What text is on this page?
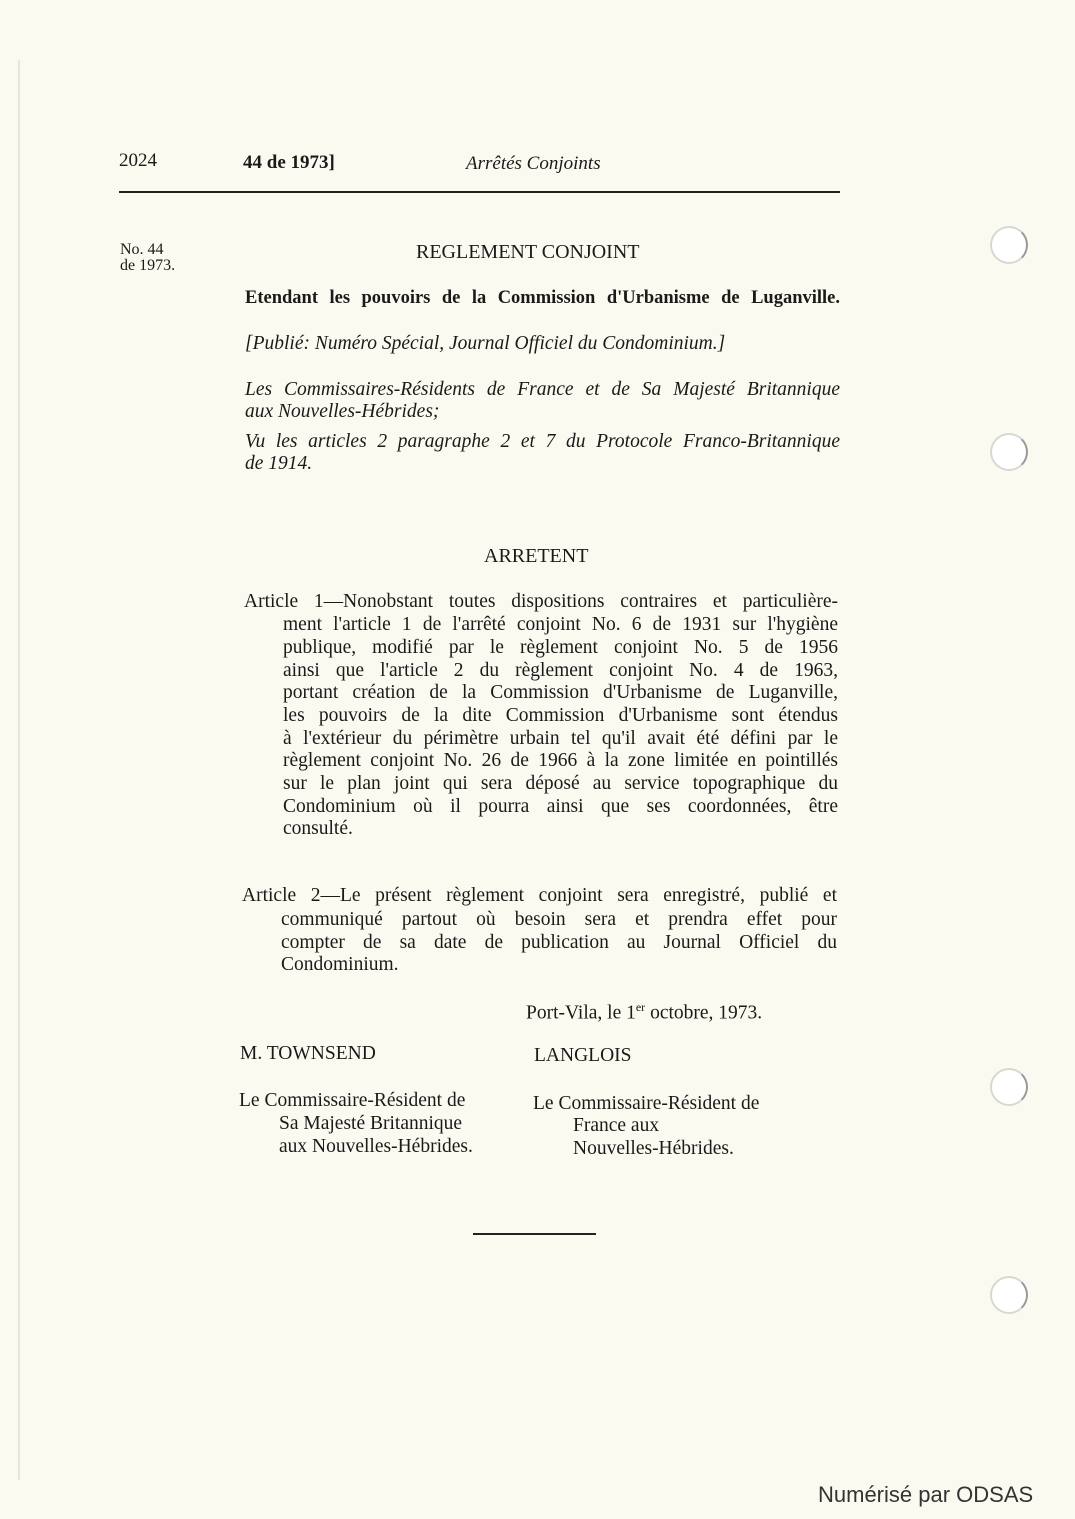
2024	44 de 1973]	Arrêtés Conjoints
No. 44
de 1973.
REGLEMENT CONJOINT
Etendant les pouvoirs de la Commission d'Urbanisme de Luganville.
[Publié: Numéro Spécial, Journal Officiel du Condominium.]
Les Commissaires-Résidents de France et de Sa Majesté Britannique
aux Nouvelles-Hébrides;
Vu les articles 2 paragraphe 2 et 7 du Protocole Franco-Britannique
de 1914.
ARRETENT
Article 1—Nonobstant toutes dispositions contraires et particulière-
ment l'article 1 de l'arrêté conjoint No. 6 de 1931 sur l'hygiène
publique, modifié par le règlement conjoint No. 5 de 1956
ainsi que l'article 2 du règlement conjoint No. 4 de 1963,
portant création de la Commission d'Urbanisme de Luganville,
les pouvoirs de la dite Commission d'Urbanisme sont étendus
à l'extérieur du périmètre urbain tel qu'il avait été défini par le
règlement conjoint No. 26 de 1966 à la zone limitée en pointillés
sur le plan joint qui sera déposé au service topographique du
Condominium où il pourra ainsi que ses coordonnées, être
consulté.
Article 2—Le présent règlement conjoint sera enregistré, publié et
communiqué partout où besoin sera et prendra effet pour
compter de sa date de publication au Journal Officiel du
Condominium.
Port-Vila, le 1er octobre, 1973.
M. TOWNSEND
Le Commissaire-Résident de
Sa Majesté Britannique
aux Nouvelles-Hébrides.
LANGLOIS
Le Commissaire-Résident de
France aux
Nouvelles-Hébrides.
Numérisé par ODSAS
